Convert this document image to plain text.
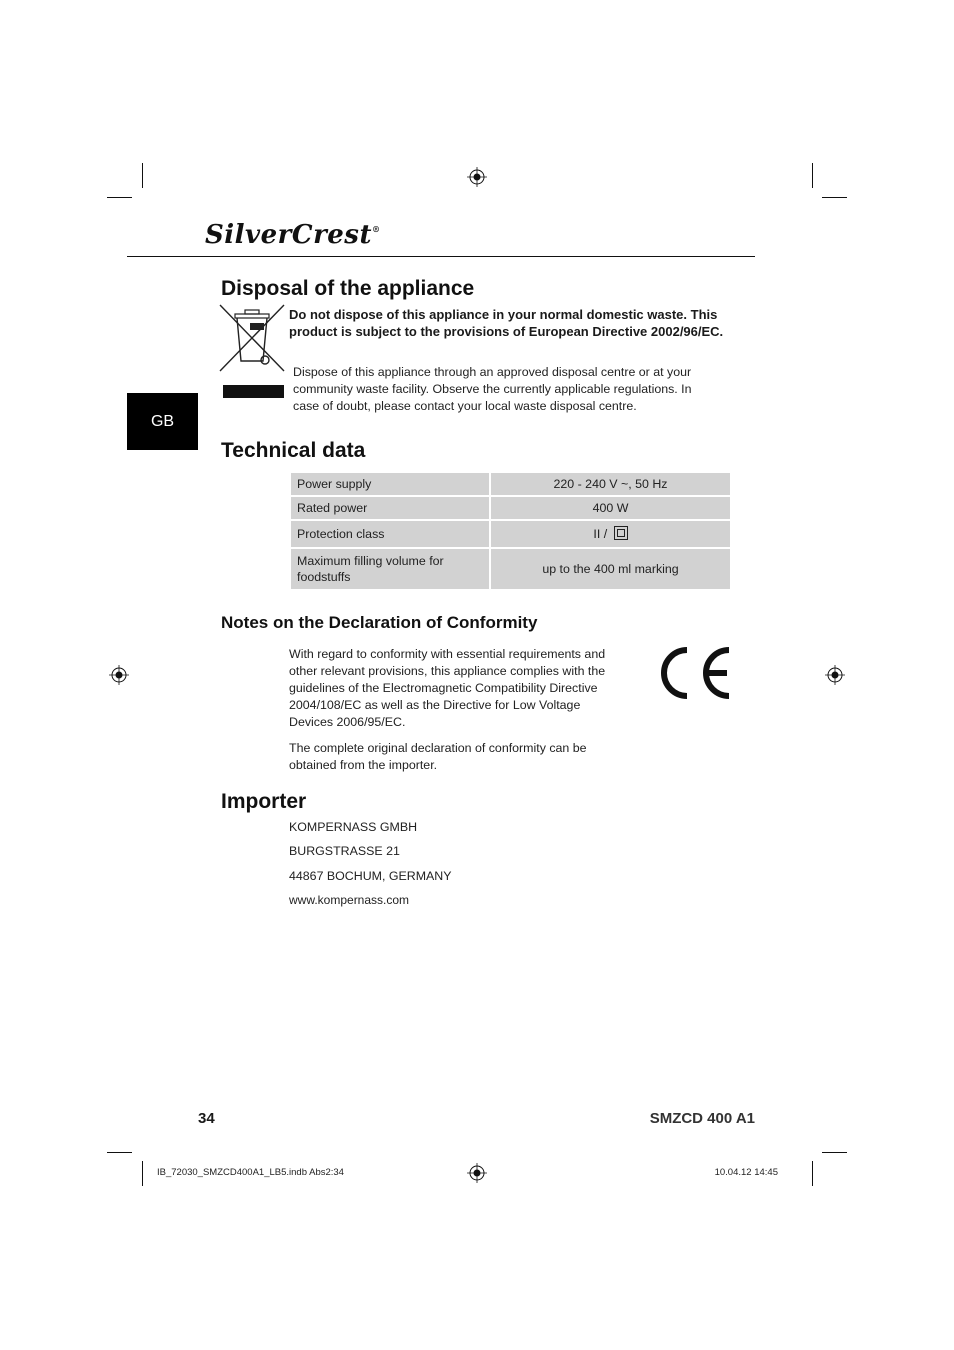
SilverCrest®
GB
Disposal of the appliance
Do not dispose of this appliance in your normal domestic waste. This product is subject to the provisions of European Directive 2002/96/EC.
Dispose of this appliance through an approved disposal centre or at your community waste facility. Observe the currently applicable regulations. In case of doubt, please contact your local waste disposal centre.
Technical data
Power supply	220 - 240 V ~, 50 Hz
Rated power	400 W
Protection class	II /
Maximum filling volume for foodstuffs	up to the 400 ml marking
Notes on the Declaration of Conformity
With regard to conformity with essential requirements and other relevant provisions, this appliance complies with the guidelines of the Electromagnetic Compatibility Directive 2004/108/EC as well as the Directive for Low Voltage Devices 2006/95/EC.
The complete original declaration of conformity can be obtained from the importer.
Importer
KOMPERNASS GMBH
BURGSTRASSE 21
44867 BOCHUM, GERMANY
www.kompernass.com
34	SMZCD 400 A1
IB_72030_SMZCD400A1_LB5.indb Abs2:34	10.04.12 14:45
